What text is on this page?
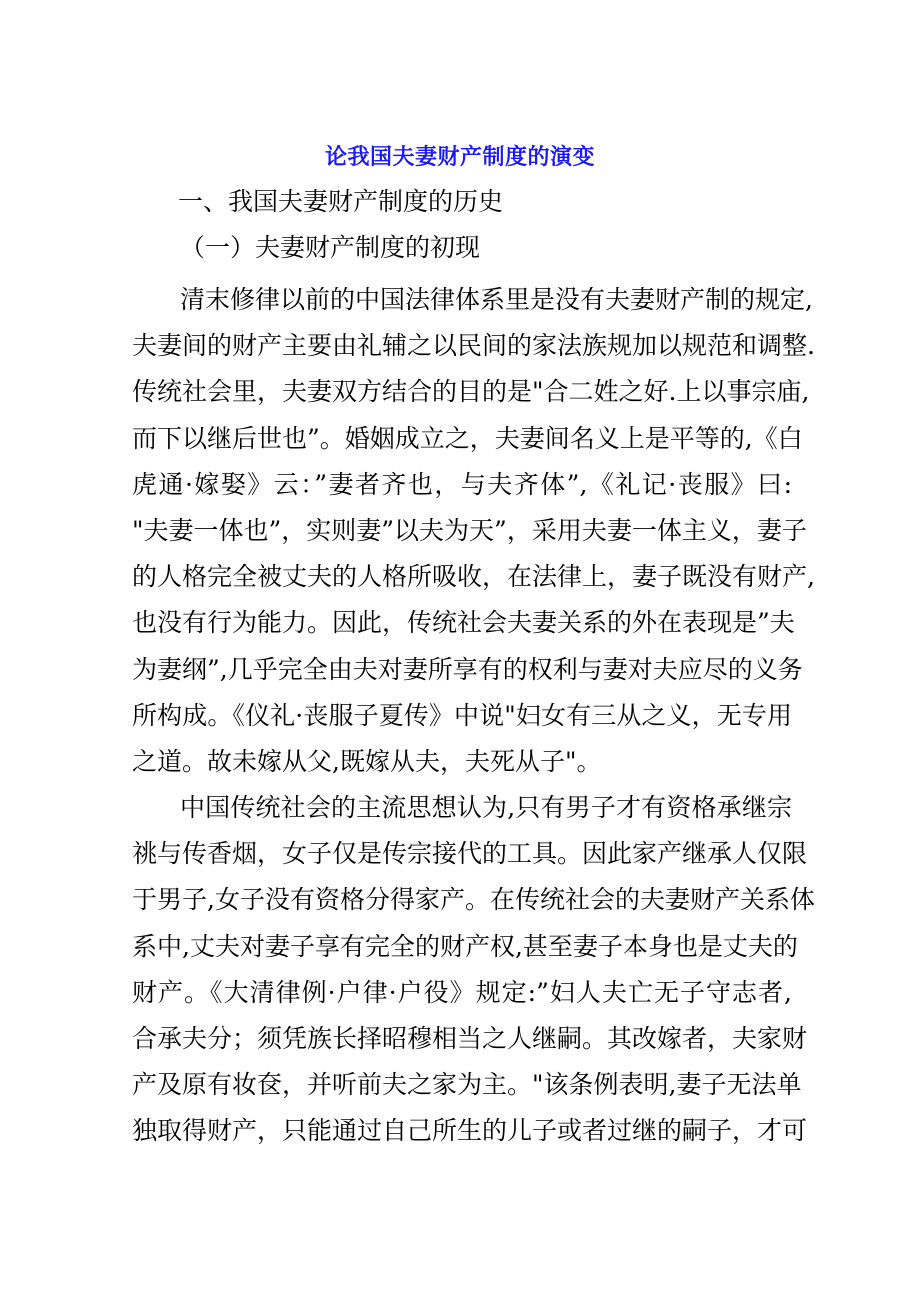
论我国夫妻财产制度的演变
一、我国夫妻财产制度的历史
（一）夫妻财产制度的初现
清末修律以前的中国法律体系里是没有夫妻财产制的规定,
夫妻间的财产主要由礼辅之以民间的家法族规加以规范和调整.
传统社会里，夫妻双方结合的目的是"合二姓之好.上以事宗庙,
而下以继后世也”。婚姻成立之，夫妻间名义上是平等的,《白
虎通·嫁娶》云：”妻者齐也，与夫齐体”,《礼记·丧服》曰:
"夫妻一体也”，实则妻”以夫为天”，采用夫妻一体主义，妻子
的人格完全被丈夫的人格所吸收，在法律上，妻子既没有财产,
也没有行为能力。因此，传统社会夫妻关系的外在表现是”夫
为妻纲”,几乎完全由夫对妻所享有的权利与妻对夫应尽的义务
所构成。《仪礼·丧服子夏传》中说"妇女有三从之义，无专用
之道。故未嫁从父,既嫁从夫，夫死从子"。
中国传统社会的主流思想认为,只有男子才有资格承继宗
祧与传香烟，女子仅是传宗接代的工具。因此家产继承人仅限
于男子,女子没有资格分得家产。在传统社会的夫妻财产关系体
系中,丈夫对妻子享有完全的财产权,甚至妻子本身也是丈夫的
财产。《大清律例·户律·户役》规定:”妇人夫亡无子守志者,
合承夫分；须凭族长择昭穆相当之人继嗣。其改嫁者，夫家财
产及原有妆奁，并听前夫之家为主。"该条例表明,妻子无法单
独取得财产，只能通过自己所生的儿子或者过继的嗣子，才可
